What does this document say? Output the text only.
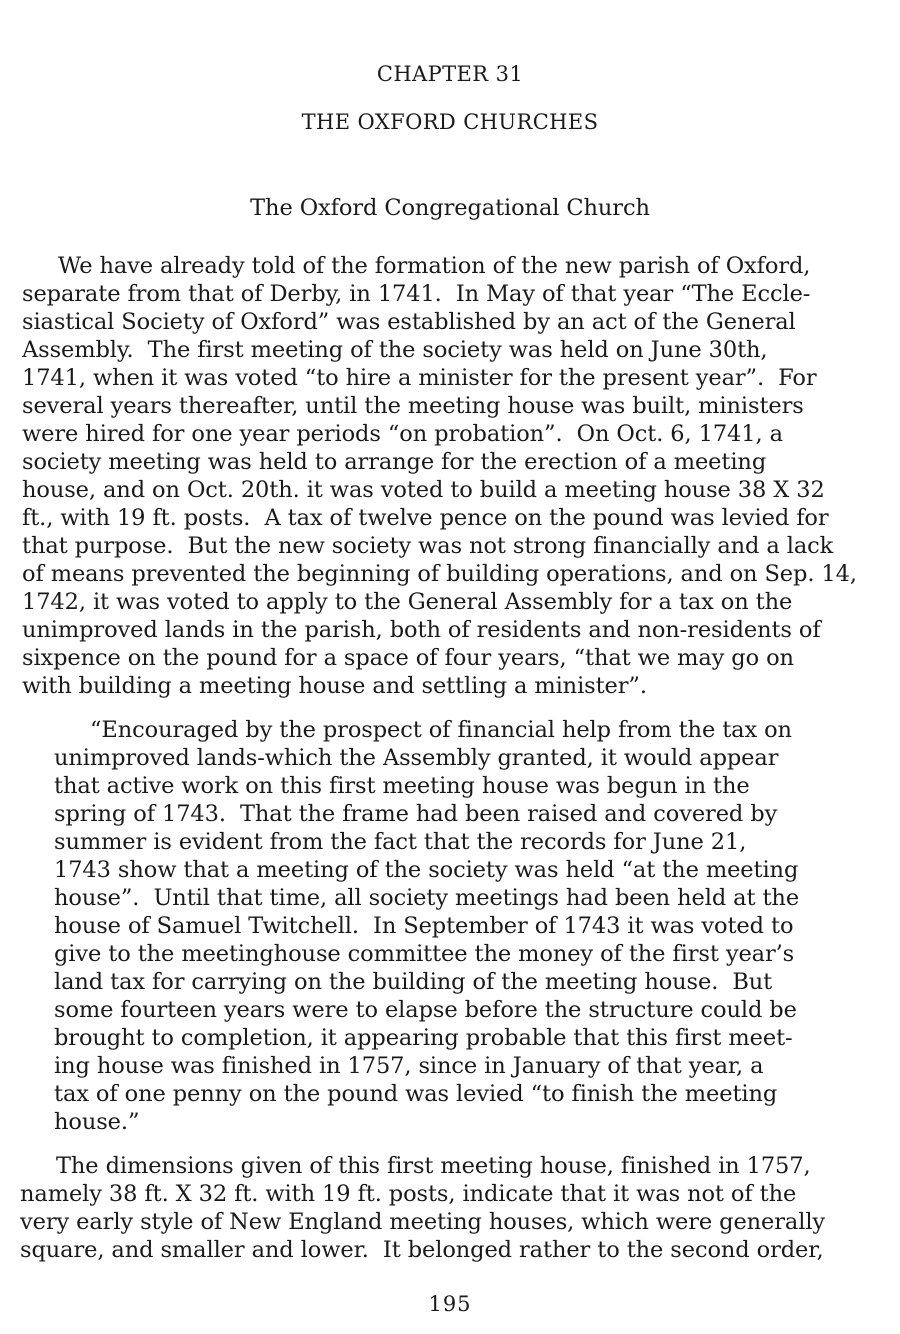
CHAPTER 31
THE OXFORD CHURCHES
The Oxford Congregational Church
We have already told of the formation of the new parish of Oxford,
separate from that of Derby, in 1741.  In May of that year “The Eccle-
siastical Society of Oxford” was established by an act of the General
Assembly.  The first meeting of the society was held on June 30th,
1741, when it was voted “to hire a minister for the present year”.  For
several years thereafter, until the meeting house was built, ministers
were hired for one year periods “on probation”.  On Oct. 6, 1741, a
society meeting was held to arrange for the erection of a meeting
house, and on Oct. 20th. it was voted to build a meeting house 38 X 32
ft., with 19 ft. posts.  A tax of twelve pence on the pound was levied for
that purpose.  But the new society was not strong financially and a lack
of means prevented the beginning of building operations, and on Sep. 14,
1742, it was voted to apply to the General Assembly for a tax on the
unimproved lands in the parish, both of residents and non-residents of
sixpence on the pound for a space of four years, “that we may go on
with building a meeting house and settling a minister”.
“Encouraged by the prospect of financial help from the tax on
unimproved lands-which the Assembly granted, it would appear
that active work on this first meeting house was begun in the
spring of 1743.  That the frame had been raised and covered by
summer is evident from the fact that the records for June 21,
1743 show that a meeting of the society was held “at the meeting
house”.  Until that time, all society meetings had been held at the
house of Samuel Twitchell.  In September of 1743 it was voted to
give to the meetinghouse committee the money of the first year’s
land tax for carrying on the building of the meeting house.  But
some fourteen years were to elapse before the structure could be
brought to completion, it appearing probable that this first meet-
ing house was finished in 1757, since in January of that year, a
tax of one penny on the pound was levied “to finish the meeting
house.”
The dimensions given of this first meeting house, finished in 1757,
namely 38 ft. X 32 ft. with 19 ft. posts, indicate that it was not of the
very early style of New England meeting houses, which were generally
square, and smaller and lower.  It belonged rather to the second order,
195
